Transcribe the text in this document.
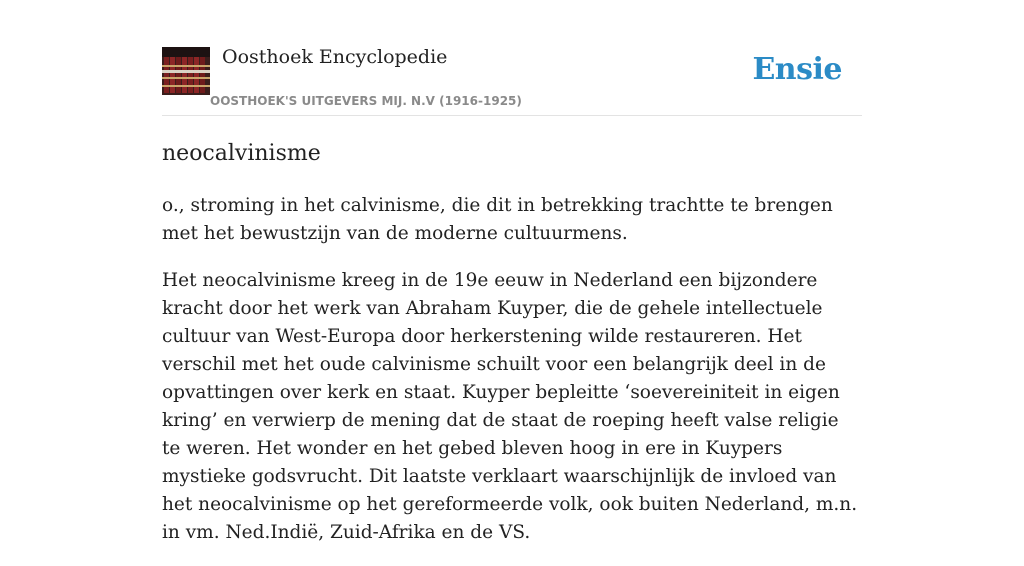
Oosthoek Encyclopedie
OOSTHOEK'S UITGEVERS MIJ. N.V (1916-1925)
Ensie
neocalvinisme

o., stroming in het calvinisme, die dit in betrekking trachtte te brengen met het bewustzijn van de moderne cultuurmens.

Het neocalvinisme kreeg in de 19e eeuw in Nederland een bijzondere kracht door het werk van Abraham Kuyper, die de gehele intellectuele cultuur van West-Europa door herkerstening wilde restaureren. Het verschil met het oude calvinisme schuilt voor een belangrijk deel in de opvattingen over kerk en staat. Kuyper bepleitte ‘soevereiniteit in eigen kring’ en verwierp de mening dat de staat de roeping heeft valse religie te weren. Het wonder en het gebed bleven hoog in ere in Kuypers mystieke godsvrucht. Dit laatste verklaart waarschijnlijk de invloed van het neocalvinisme op het gereformeerde volk, ook buiten Nederland, m.n. in vm. Ned.Indië, Zuid-Afrika en de VS.
